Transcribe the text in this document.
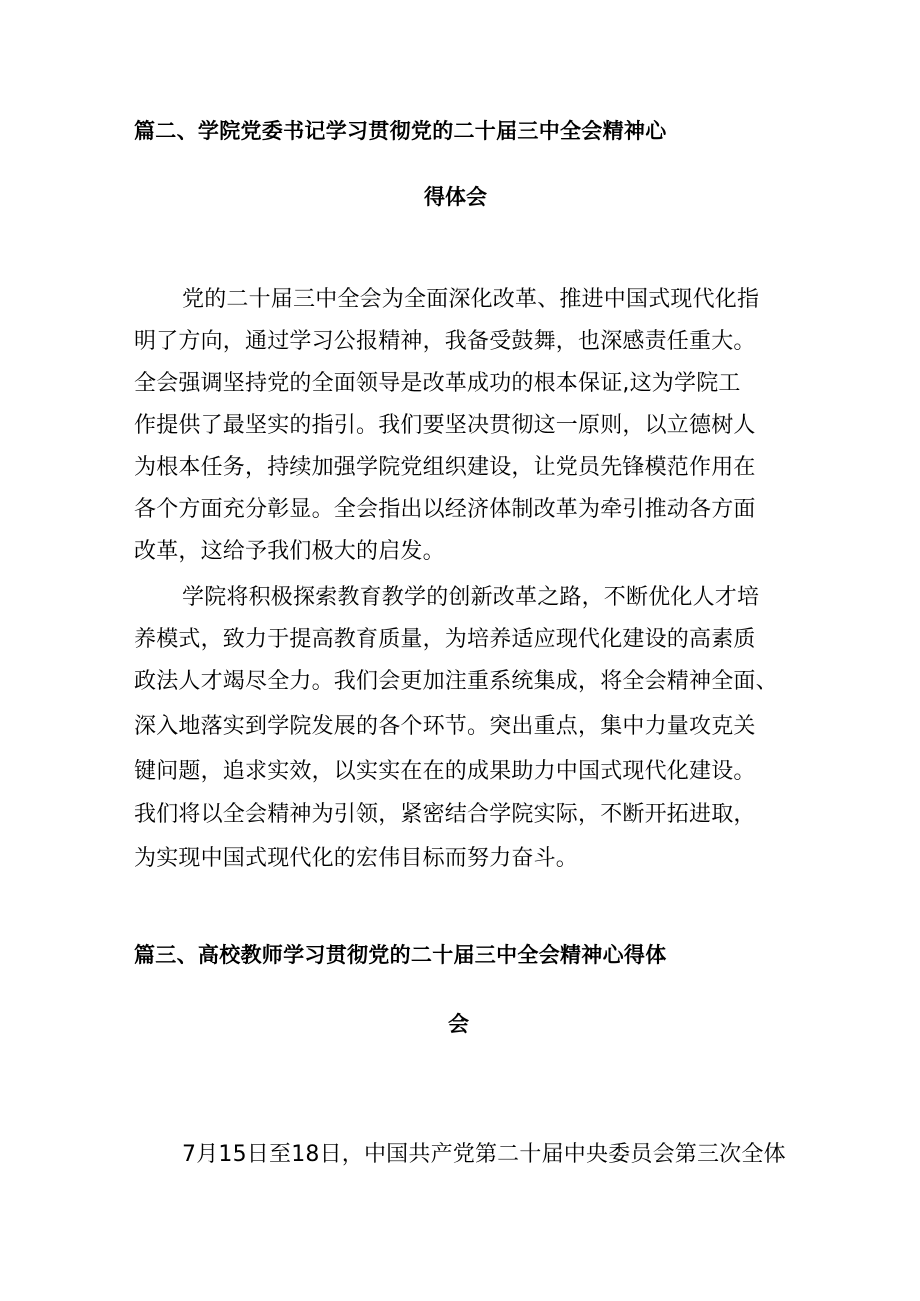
篇二、学院党委书记学习贯彻党的二十届三中全会精神心
得体会
党的二十届三中全会为全面深化改革、推进中国式现代化指
明了方向，通过学习公报精神，我备受鼓舞，也深感责任重大。
全会强调坚持党的全面领导是改革成功的根本保证,这为学院工
作提供了最坚实的指引。我们要坚决贯彻这一原则，以立德树人
为根本任务，持续加强学院党组织建设，让党员先锋模范作用在
各个方面充分彰显。全会指出以经济体制改革为牵引推动各方面
改革，这给予我们极大的启发。
学院将积极探索教育教学的创新改革之路，不断优化人才培
养模式，致力于提高教育质量，为培养适应现代化建设的高素质
政法人才竭尽全力。我们会更加注重系统集成，将全会精神全面、
深入地落实到学院发展的各个环节。突出重点，集中力量攻克关
键问题，追求实效，以实实在在的成果助力中国式现代化建设。
我们将以全会精神为引领，紧密结合学院实际，不断开拓进取，
为实现中国式现代化的宏伟目标而努力奋斗。
篇三、高校教师学习贯彻党的二十届三中全会精神心得体
会
7月15日至18日，中国共产党第二十届中央委员会第三次全体
